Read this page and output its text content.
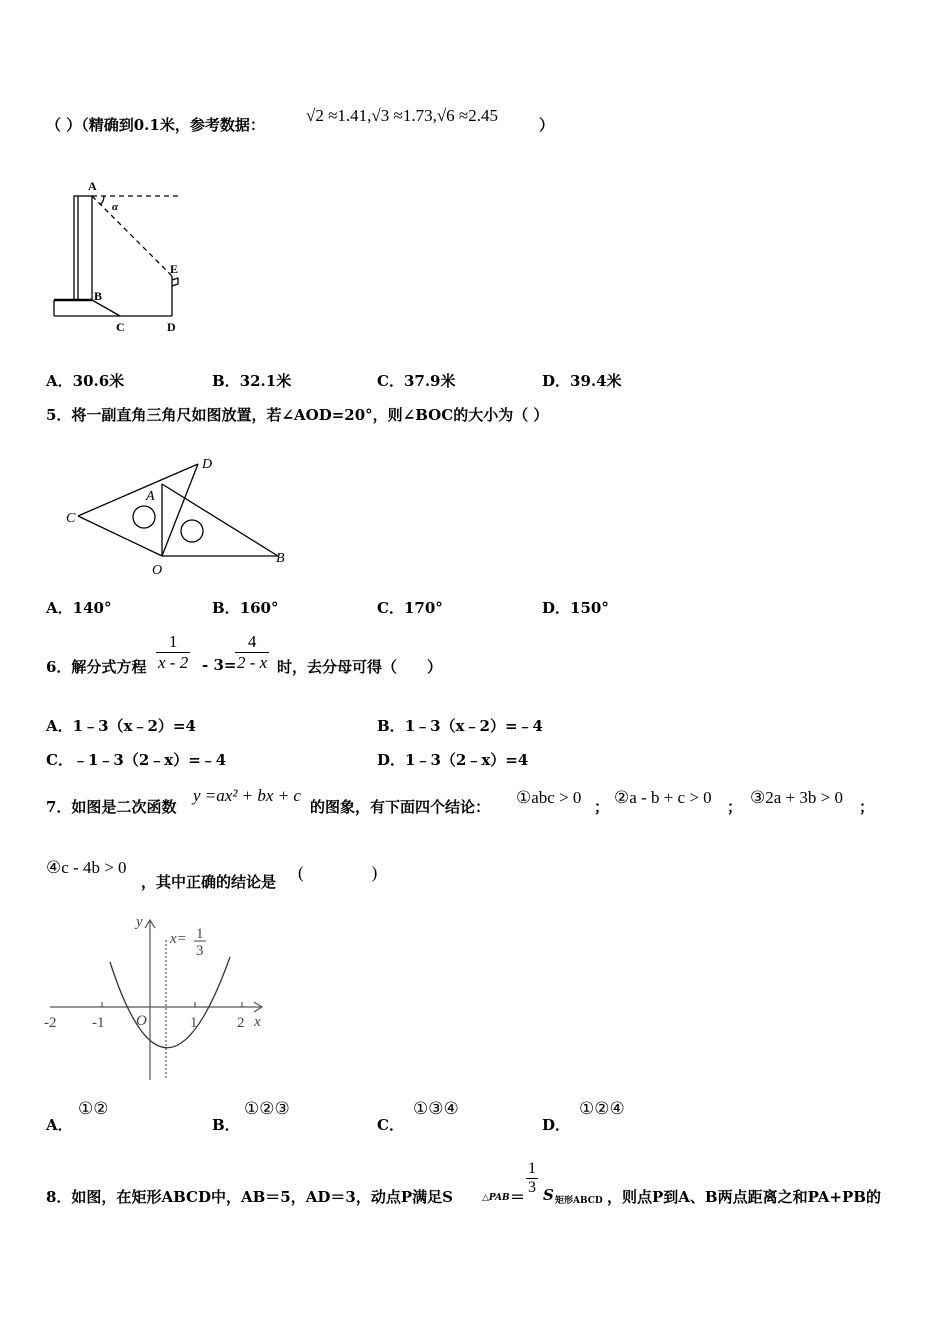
（ ）（精确到0.1米，参考数据： √2 ≈1.41,√3 ≈1.73,√6 ≈2.45	）
A
α
B
C	D
E
A．30.6米	B．32.1米	C．37.9米	D．39.4米
5．将一副直角三角尺如图放置，若∠AOD=20°，则∠BOC的大小为（ ）
D
A
C
O
B
A．140°	B．160°	C．170°	D．150°
6．解分式方程 $\frac{1}{x - 2} - 3=$
$\frac{4}{2 - x}$ 时，去分母可得（　　）
A．1﹣3（x﹣2）=4	B．1﹣3（x﹣2）=﹣4
C．﹣1﹣3（2﹣x）=﹣4	D．1﹣3（2﹣x）=4
7．如图是二次函数
y =ax² + bx + c
的图象，有下面四个结论： ①abc > 0 ； ②a - b + c > 0 ； ③2a + 3b > 0 ；
④c - 4b > 0
，其中正确的结论是 (　　　　)
y
x
x=
O
1
3
-2 -1	1	2
A．
①②
B．
①②③
C．
①③④
D．
①②④
8．如图，在矩形ABCD中，AB＝5，AD＝3，动点P满足S	△PAB ＝ $\frac{1}{3}$ S 矩形ABCD ，则点P到A、B两点距离之和PA+PB的
